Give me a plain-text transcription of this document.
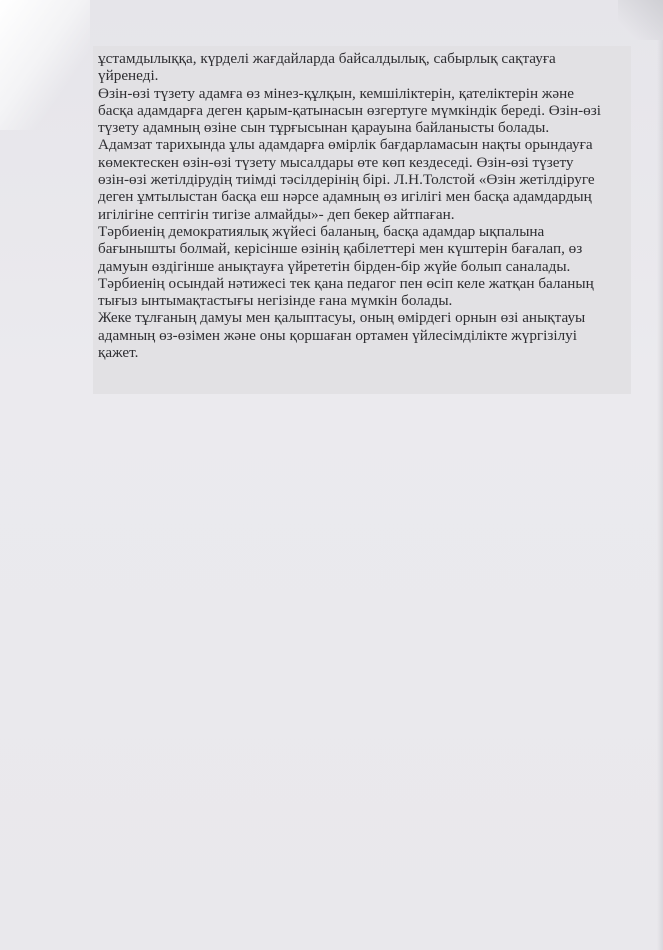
ұстамдылыққа, күрделі жағдайларда байсалдылық, сабырлық сақтауға
үйренеді.
Өзін-өзі түзету адамға өз мінез-құлқын, кемшіліктерін, қателіктерін және
басқа адамдарға деген қарым-қатынасын өзгертуге мүмкіндік береді. Өзін-өзі
түзету адамның өзіне сын тұрғысынан қарауына байланысты болады.
Адамзат тарихында ұлы адамдарға өмірлік бағдарламасын нақты орындауға
көмектескен өзін-өзі түзету мысалдары өте көп кездеседі. Өзін-өзі түзету
өзін-өзі жетілдірудің тиімді тәсілдерінің бірі. Л.Н.Толстой «Өзін жетілдіруге
деген ұмтылыстан басқа еш нәрсе адамның өз игілігі мен басқа адамдардың
игілігіне септігін тигізе алмайды»- деп бекер айтпаған.
Тәрбиенің демократиялық жүйесі баланың, басқа адамдар ықпалына
бағынышты болмай, керісінше өзінің қабілеттері мен күштерін бағалап, өз
дамуын өздігінше анықтауға үйрететін бірден-бір жүйе болып саналады.
Тәрбиенің осындай нәтижесі тек қана педагог пен өсіп келе жатқан баланың
тығыз ынтымақтастығы негізінде ғана мүмкін болады.
Жеке тұлғаның дамуы мен қалыптасуы, оның өмірдегі орнын өзі анықтауы
адамның өз-өзімен және оны қоршаған ортамен үйлесімділікте жүргізілуі
қажет.
